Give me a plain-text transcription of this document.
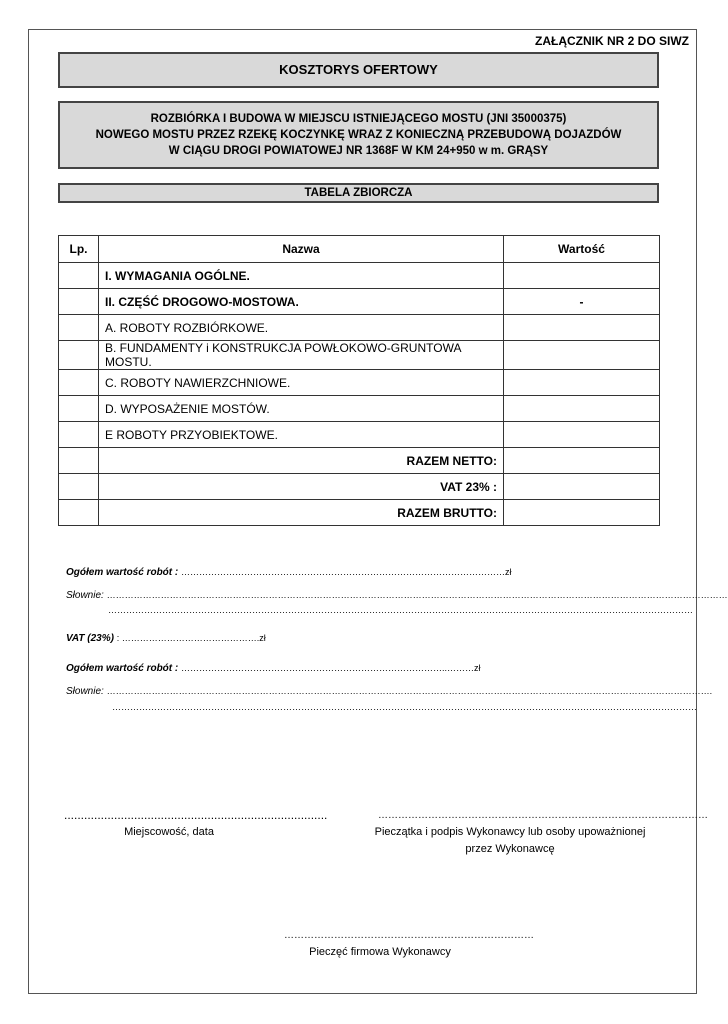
ZAŁĄCZNIK NR 2 DO SIWZ
KOSZTORYS OFERTOWY
ROZBIÓRKA I BUDOWA W MIEJSCU ISTNIEJĄCEGO MOSTU (JNI 35000375)
NOWEGO MOSTU PRZEZ RZEKĘ KOCZYNKĘ WRAZ Z KONIECZNĄ PRZEBUDOWĄ DOJAZDÓW
W CIĄGU DROGI POWIATOWEJ NR 1368F W KM 24+950 w m. GRĄSY
TABELA ZBIORCZA
Lp.	Nazwa	Wartość
	I. WYMAGANIA OGÓLNE.	
	II. CZĘŚĆ DROGOWO-MOSTOWA.	-
	A. ROBOTY ROZBIÓRKOWE.	
	B. FUNDAMENTY i KONSTRUKCJA POWŁOKOWO-GRUNTOWA MOSTU.	
	C. ROBOTY NAWIERZCHNIOWE.	
	D. WYPOSAŻENIE MOSTÓW.	
	E ROBOTY PRZYOBIEKTOWE.	
	RAZEM NETTO:	
	VAT 23% :	
	RAZEM BRUTTO:	
Ogółem wartość robót : ………………………………………………………………………………………………zł
Słownie: ………………………………………………………………………………………………………………………………………………………………………………………
……………………………………………………………………………………………………………………………………………………………………………
VAT (23%) : ……………………………………….zł
Ogółem wartość robót : ……………………………………………………………………………..………zł
Słownie: ………………………………………………………………………………………………………………………………………………………………………………….
……………………………………………………………………………………………………………………………………………………………………………
...............................................................................
Miejscowość, data
………………………………………………………………………………………
Pieczątka i podpis Wykonawcy lub osoby upoważnionej
przez Wykonawcę
…………………………………………………………………
Pieczęć firmowa Wykonawcy
